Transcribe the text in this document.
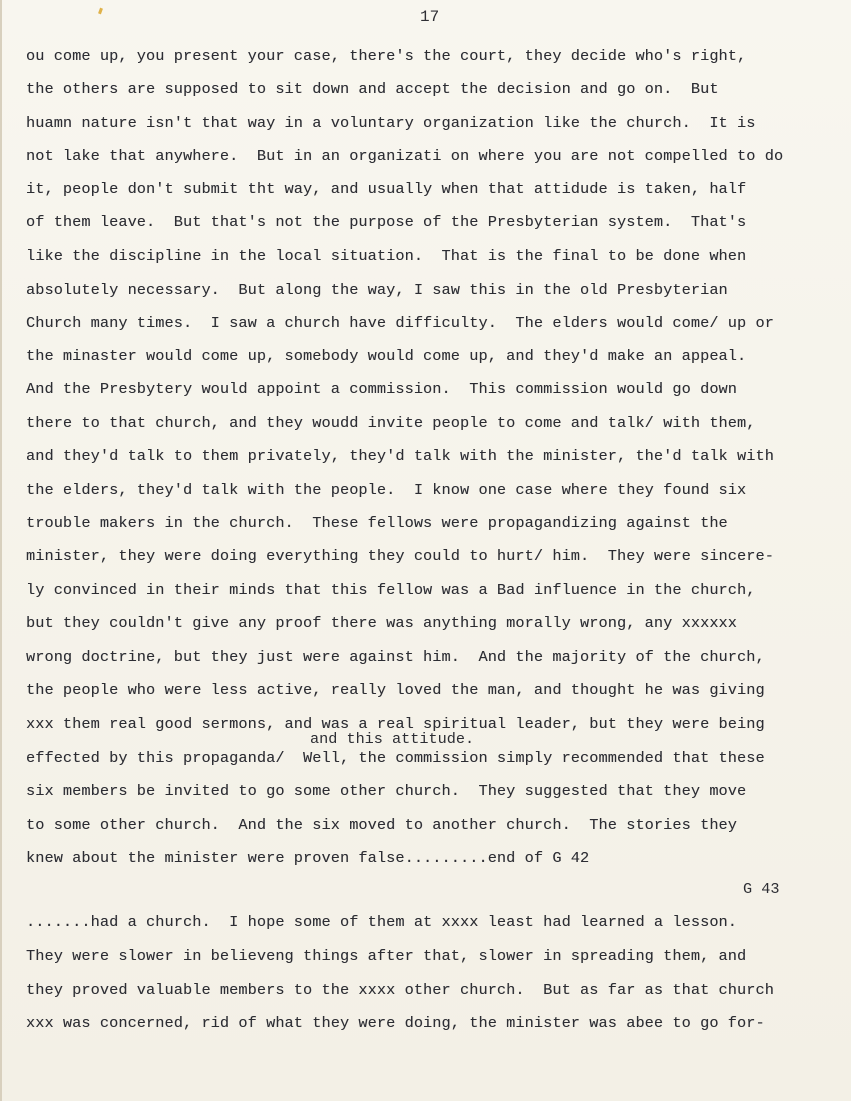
17
ou come up, you present your case, there's the court, they decide who's right,
the others are supposed to sit down and accept the decision and go on.  But
huamn nature isn't that way in a voluntary organization like the church.  It is
not lake that anywhere.  But in an organizati on where you are not compelled to do
it, people don't submit tht way, and usually when that attidude is taken, half
of them leave.  But that's not the purpose of the Presbyterian system.  That's
like the discipline in the local situation.  That is the final to be done when
absolutely necessary.  But along the way, I saw this in the old Presbyterian
Church many times.  I saw a church have difficulty.  The elders would come/ up or
the minaster would come up, somebody would come up, and they'd make an appeal.
And the Presbytery would appoint a commission.  This commission would go down
there to that church, and they woudd invite people to come and talk/ with them,
and they'd talk to them privately, they'd talk with the minister, the'd talk with
the elders, they'd talk with the people.  I know one case where they found six
trouble makers in the church.  These fellows were propagandizing against the
minister, they were doing everything they could to hurt/ him.  They were sincere-
ly convinced in their minds that this fellow was a Bad influence in the church,
but they couldn't give any proof there was anything morally wrong, any xxxxxx
wrong doctrine, but they just were against him.  And the majority of the church,
the people who were less active, really loved the man, and thought he was giving
xxx them real good sermons, and was a real spiritual leader, but they were being
and this attitude.
effected by this propaganda/  Well, the commission simply recommended that these
six members be invited to go some other church.  They suggested that they move
to some other church.  And the six moved to another church.  The stories they
knew about the minister were proven false.........end of G 42
G 43
.......had a church.  I hope some of them at xxxx least had learned a lesson.
They were slower in believeng things after that, slower in spreading them, and
they proved valuable members to the xxxx other church.  But as far as that church
xxx was concerned, rid of what they were doing, the minister was abee to go for-
